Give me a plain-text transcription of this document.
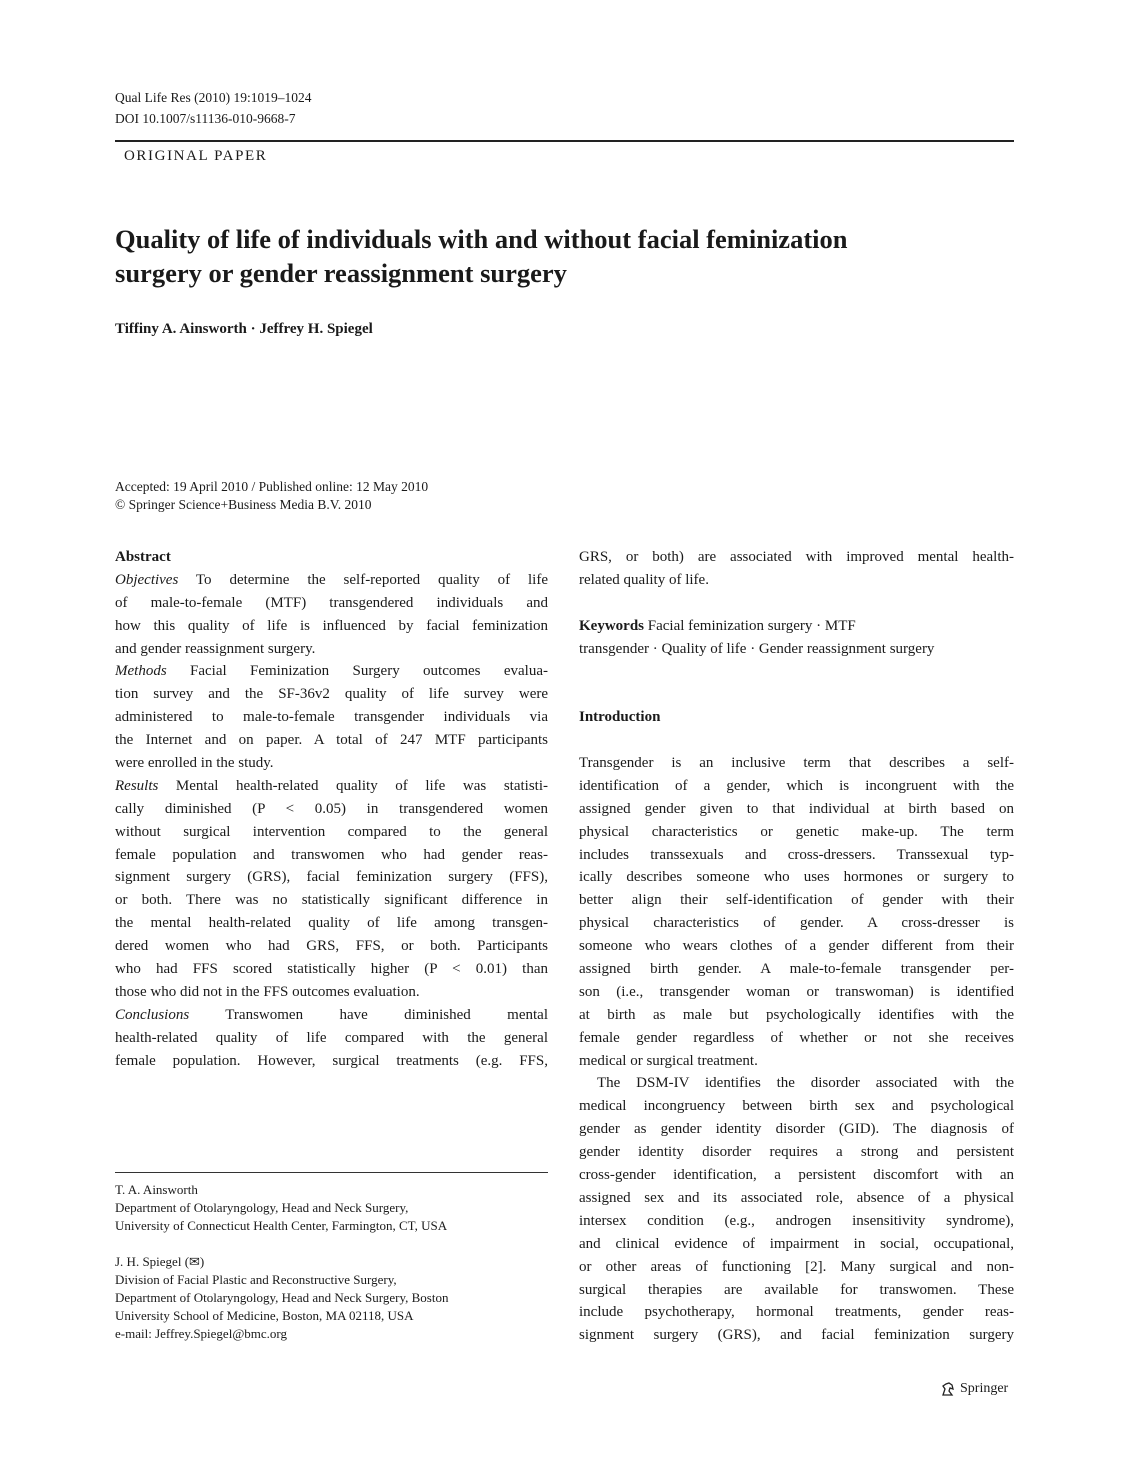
Qual Life Res (2010) 19:1019–1024
DOI 10.1007/s11136-010-9668-7
ORIGINAL PAPER
Quality of life of individuals with and without facial feminization
surgery or gender reassignment surgery
Tiffiny A. Ainsworth · Jeffrey H. Spiegel
Accepted: 19 April 2010 / Published online: 12 May 2010
© Springer Science+Business Media B.V. 2010
Abstract
Objectives To determine the self-reported quality of life
of male-to-female (MTF) transgendered individuals and
how this quality of life is influenced by facial feminization
and gender reassignment surgery.
Methods Facial Feminization Surgery outcomes evalua-
tion survey and the SF-36v2 quality of life survey were
administered to male-to-female transgender individuals via
the Internet and on paper. A total of 247 MTF participants
were enrolled in the study.
Results Mental health-related quality of life was statisti-
cally diminished (P < 0.05) in transgendered women
without surgical intervention compared to the general
female population and transwomen who had gender reas-
signment surgery (GRS), facial feminization surgery (FFS),
or both. There was no statistically significant difference in
the mental health-related quality of life among transgen-
dered women who had GRS, FFS, or both. Participants
who had FFS scored statistically higher (P < 0.01) than
those who did not in the FFS outcomes evaluation.
Conclusions Transwomen have diminished mental
health-related quality of life compared with the general
female population. However, surgical treatments (e.g. FFS,
GRS, or both) are associated with improved mental health-
related quality of life.
Keywords Facial feminization surgery · MTF
transgender · Quality of life · Gender reassignment surgery
Introduction
Transgender is an inclusive term that describes a self-
identification of a gender, which is incongruent with the
assigned gender given to that individual at birth based on
physical characteristics or genetic make-up. The term
includes transsexuals and cross-dressers. Transsexual typ-
ically describes someone who uses hormones or surgery to
better align their self-identification of gender with their
physical characteristics of gender. A cross-dresser is
someone who wears clothes of a gender different from their
assigned birth gender. A male-to-female transgender per-
son (i.e., transgender woman or transwoman) is identified
at birth as male but psychologically identifies with the
female gender regardless of whether or not she receives
medical or surgical treatment.
The DSM-IV identifies the disorder associated with the
medical incongruency between birth sex and psychological
gender as gender identity disorder (GID). The diagnosis of
gender identity disorder requires a strong and persistent
cross-gender identification, a persistent discomfort with an
assigned sex and its associated role, absence of a physical
intersex condition (e.g., androgen insensitivity syndrome),
and clinical evidence of impairment in social, occupational,
or other areas of functioning [2]. Many surgical and non-
surgical therapies are available for transwomen. These
include psychotherapy, hormonal treatments, gender reas-
signment surgery (GRS), and facial feminization surgery
T. A. Ainsworth
Department of Otolaryngology, Head and Neck Surgery,
University of Connecticut Health Center, Farmington, CT, USA
J. H. Spiegel (✉)
Division of Facial Plastic and Reconstructive Surgery,
Department of Otolaryngology, Head and Neck Surgery, Boston
University School of Medicine, Boston, MA 02118, USA
e-mail: Jeffrey.Spiegel@bmc.org
Springer
